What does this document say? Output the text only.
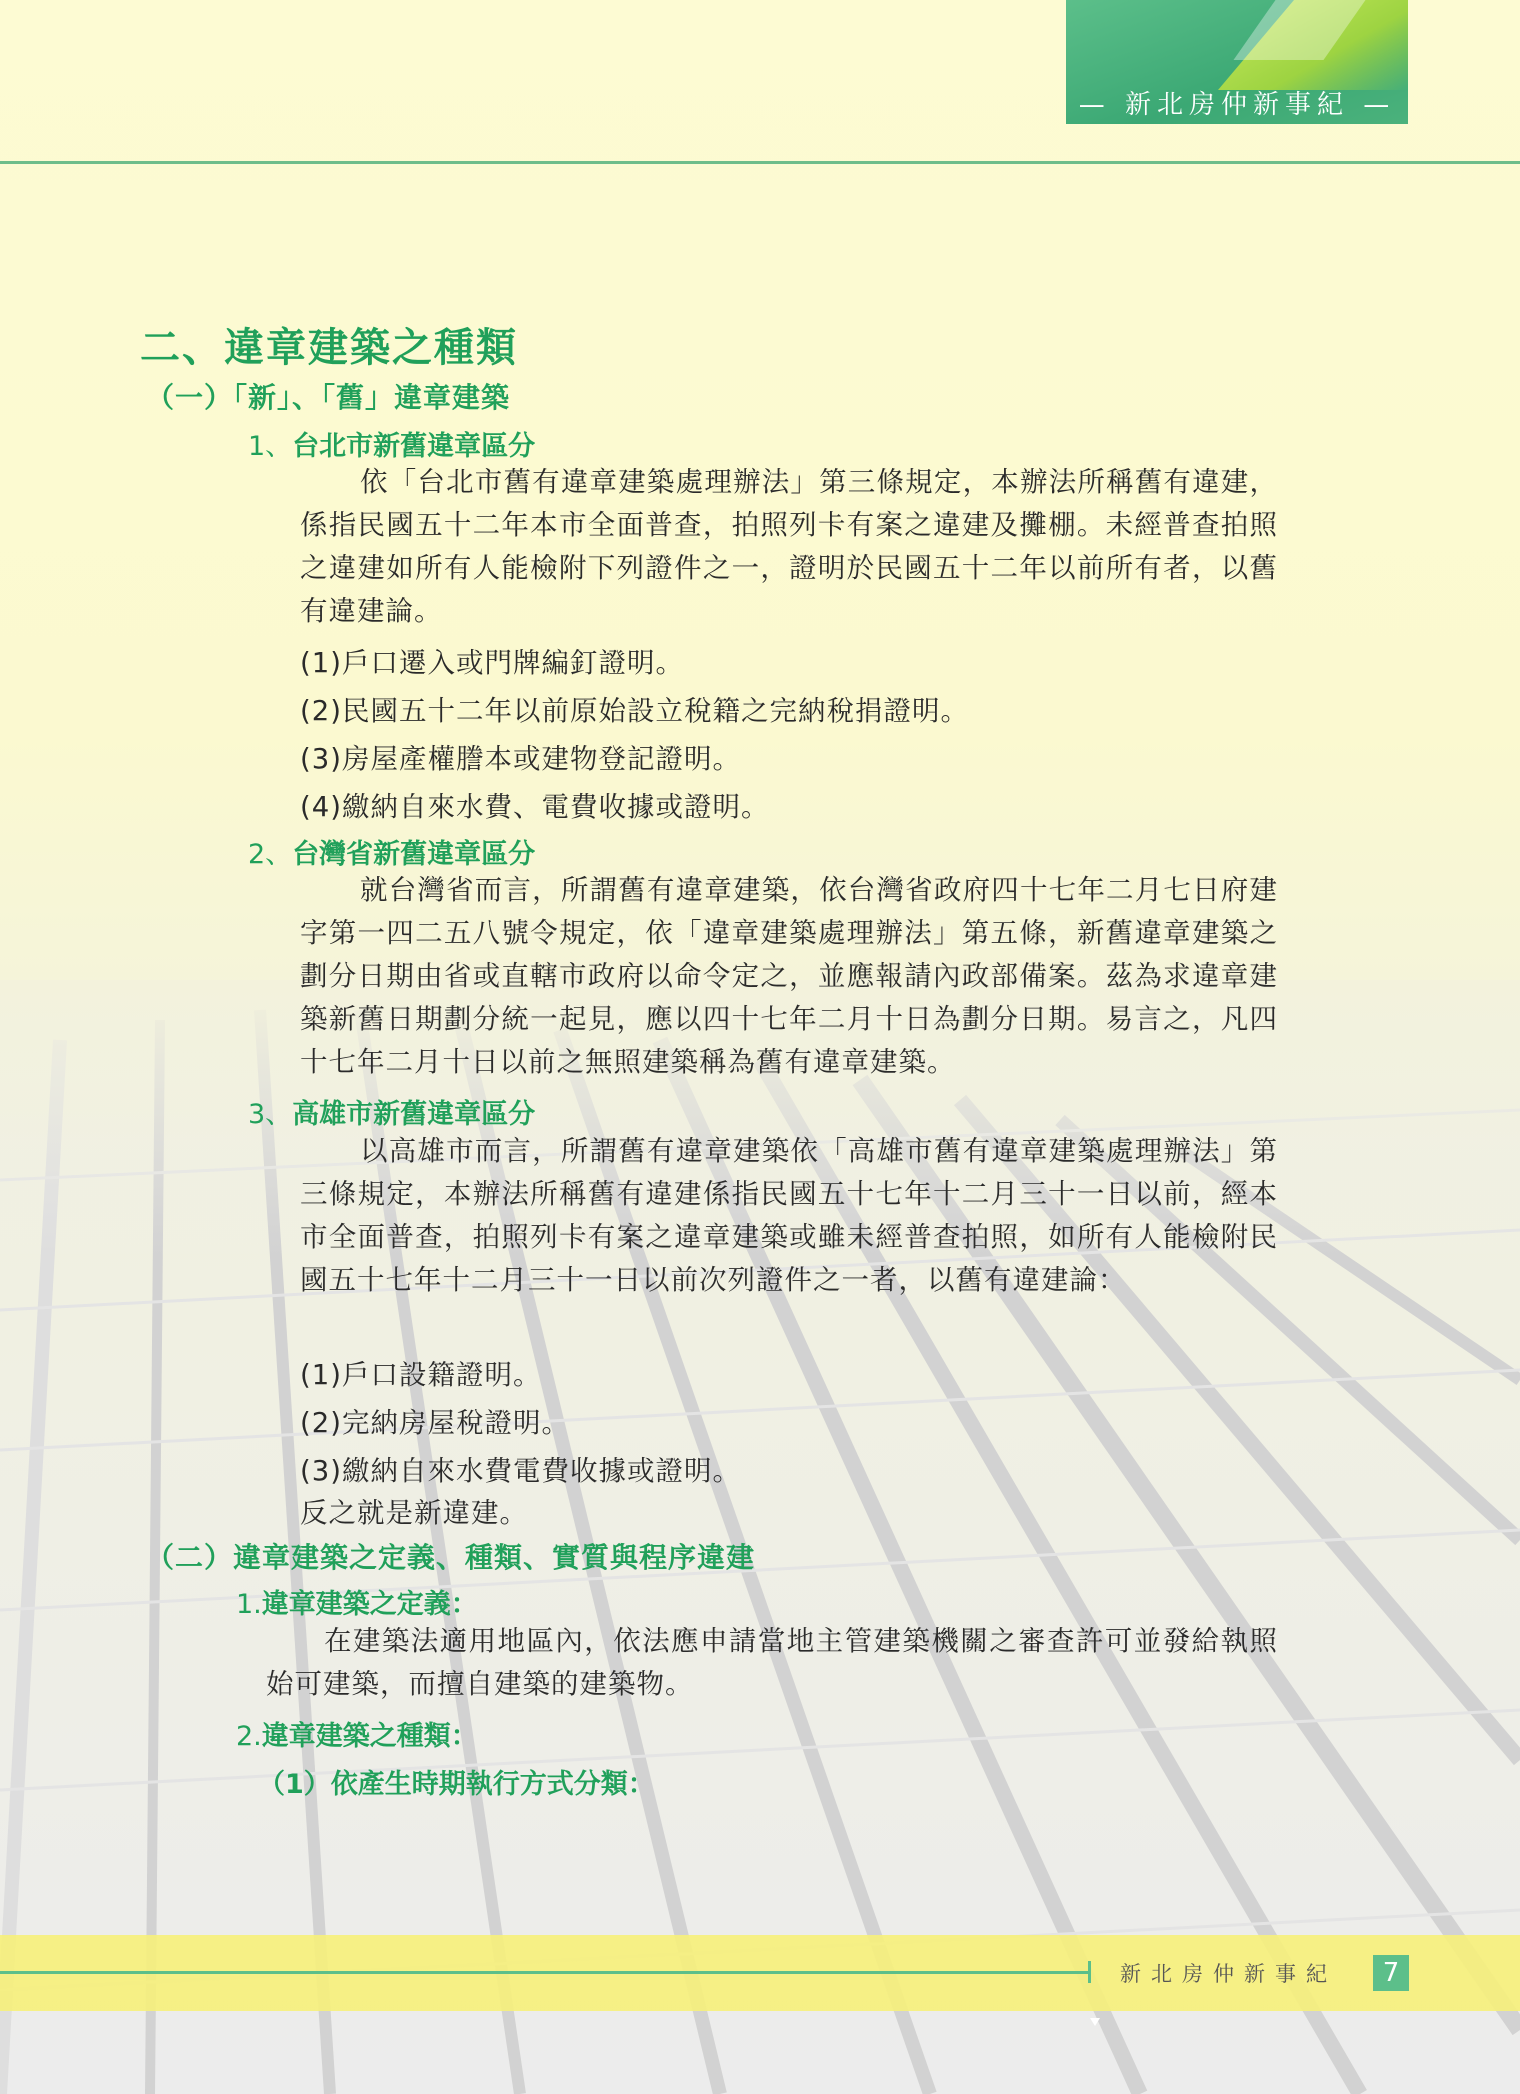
— 新北房仲新事紀 —
二、違章建築之種類
（一）「新」、「舊」違章建築
1、台北市新舊違章區分
依「台北市舊有違章建築處理辦法」第三條規定，本辦法所稱舊有違建，係指民國五十二年本市全面普查，拍照列卡有案之違建及攤棚。未經普查拍照之違建如所有人能檢附下列證件之一，證明於民國五十二年以前所有者，以舊有違建論。
(1)戶口遷入或門牌編釘證明。
(2)民國五十二年以前原始設立稅籍之完納稅捐證明。
(3)房屋產權謄本或建物登記證明。
(4)繳納自來水費、電費收據或證明。
2、台灣省新舊違章區分
就台灣省而言，所謂舊有違章建築，依台灣省政府四十七年二月七日府建字第一四二五八號令規定，依「違章建築處理辦法」第五條，新舊違章建築之劃分日期由省或直轄市政府以命令定之，並應報請內政部備案。茲為求違章建築新舊日期劃分統一起見，應以四十七年二月十日為劃分日期。易言之，凡四十七年二月十日以前之無照建築稱為舊有違章建築。
3、高雄市新舊違章區分
以高雄市而言，所謂舊有違章建築依「高雄市舊有違章建築處理辦法」第三條規定，本辦法所稱舊有違建係指民國五十七年十二月三十一日以前，經本市全面普查，拍照列卡有案之違章建築或雖未經普查拍照，如所有人能檢附民國五十七年十二月三十一日以前次列證件之一者，以舊有違建論：
(1)戶口設籍證明。
(2)完納房屋稅證明。
(3)繳納自來水費電費收據或證明。
反之就是新違建。
（二）違章建築之定義、種類、實質與程序違建
1.違章建築之定義：
在建築法適用地區內，依法應申請當地主管建築機關之審查許可並發給執照始可建築，而擅自建築的建築物。
2.違章建築之種類：
（1）依產生時期執行方式分類：
新北房仲新事紀	7
